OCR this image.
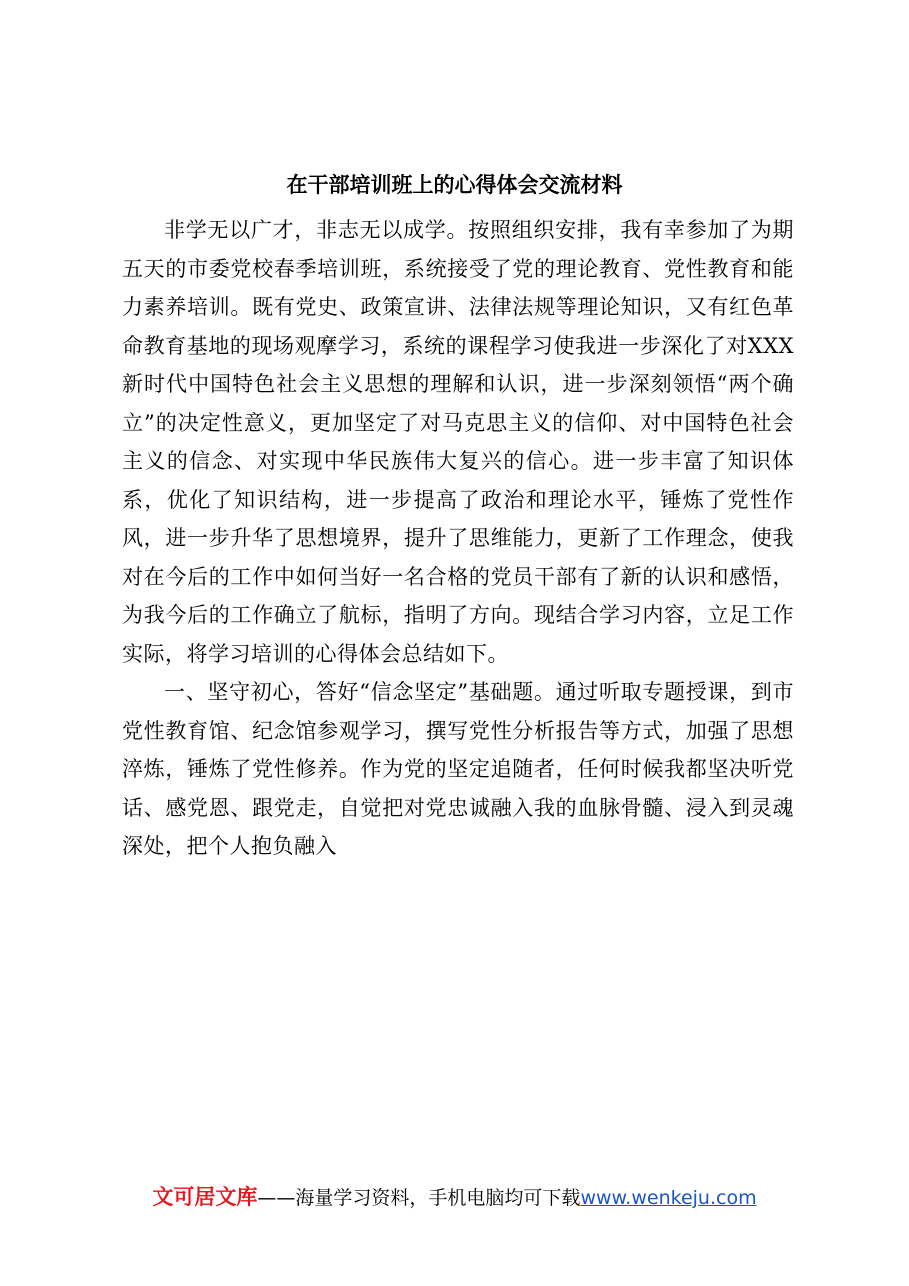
在干部培训班上的心得体会交流材料

非学无以广才，非志无以成学。按照组织安排，我有幸参加了为期五天的市委党校春季培训班，系统接受了党的理论教育、党性教育和能力素养培训。既有党史、政策宣讲、法律法规等理论知识，又有红色革命教育基地的现场观摩学习，系统的课程学习使我进一步深化了对XXX新时代中国特色社会主义思想的理解和认识，进一步深刻领悟“两个确立”的决定性意义，更加坚定了对马克思主义的信仰、对中国特色社会主义的信念、对实现中华民族伟大复兴的信心。进一步丰富了知识体系，优化了知识结构，进一步提高了政治和理论水平，锤炼了党性作风，进一步升华了思想境界，提升了思维能力，更新了工作理念，使我对在今后的工作中如何当好一名合格的党员干部有了新的认识和感悟，为我今后的工作确立了航标，指明了方向。现结合学习内容，立足工作实际，将学习培训的心得体会总结如下。

一、坚守初心，答好“信念坚定”基础题。通过听取专题授课，到市党性教育馆、纪念馆参观学习，撰写党性分析报告等方式，加强了思想淬炼，锤炼了党性修养。作为党的坚定追随者，任何时候我都坚决听党话、感党恩、跟党走，自觉把对党忠诚融入我的血脉骨髓、浸入到灵魂深处，把个人抱负融入

文可居文库——海量学习资料，手机电脑均可下载www.wenkeju.com
